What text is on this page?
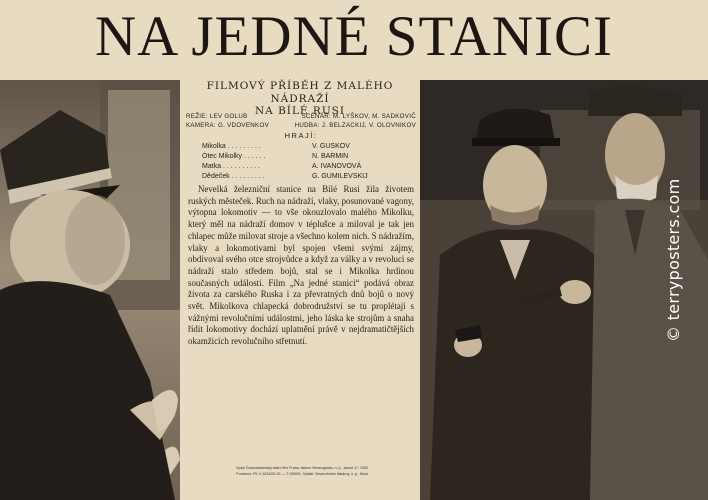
NA JEDNÉ STANICI
FILMOVÝ PŘÍBĚH Z MALÉHO NÁDRAŽÍ
NA BÍLÉ RUSI
REŽIE: LEV GOLUB	SCÉNÁŘ: M. LYŠKOV, M. SADKOVIČ
KAMERA: G. VDOVENKOV	HUDBA: J. BELZACKIJ, V. OLOVNIKOV
HRAJÍ:
Mikolka . . . . . . . . .	V. GUSKOV
Otec Mikolky . . . . . .	N. BARMIN
Matka . . . . . . . . . .	A. IVANOVOVÁ
Dědeček . . . . . . . . .	G. GUMILEVSKIJ
Nevelká železniční stanice na Bílé Rusi žila životem ruských městeček. Ruch na nádraží, vlaky, posunované vagony, výtopna lokomotiv — to vše okouzlovalo malého Mikolku, který měl na nádraží domov v téplušce a miloval je tak jen chlapec může milovat stroje a všechno kolem nich. S nádražím, vlaky a lokomotivami byl spojen všemi svými zájmy, obdivoval svého otce strojvůdce a když za války a v revoluci se nádraží stalo středem bojů, stal se i Mikolka hrdinou současných událostí. Film „Na jedné stanici“ podává obraz života za carského Ruska i za převratných dnů bojů o nový svět. Mikolkova chlapecká dobrodružství se tu proplétají s vážnými revolučními událostmi, jeho láska ke strojům a snaha řídit lokomotivy dochází uplatnění právě v nejdramatičtějších okamžicích revolučního střetnutí.
Vydal Československý státní film Praha, tiskem Severografia, n. p., závod 17, 1953
Povoleno: PK V-1024/50-S1 — F-090/51. Vytiskl: Severočeské tiskárny, n. p., Most
